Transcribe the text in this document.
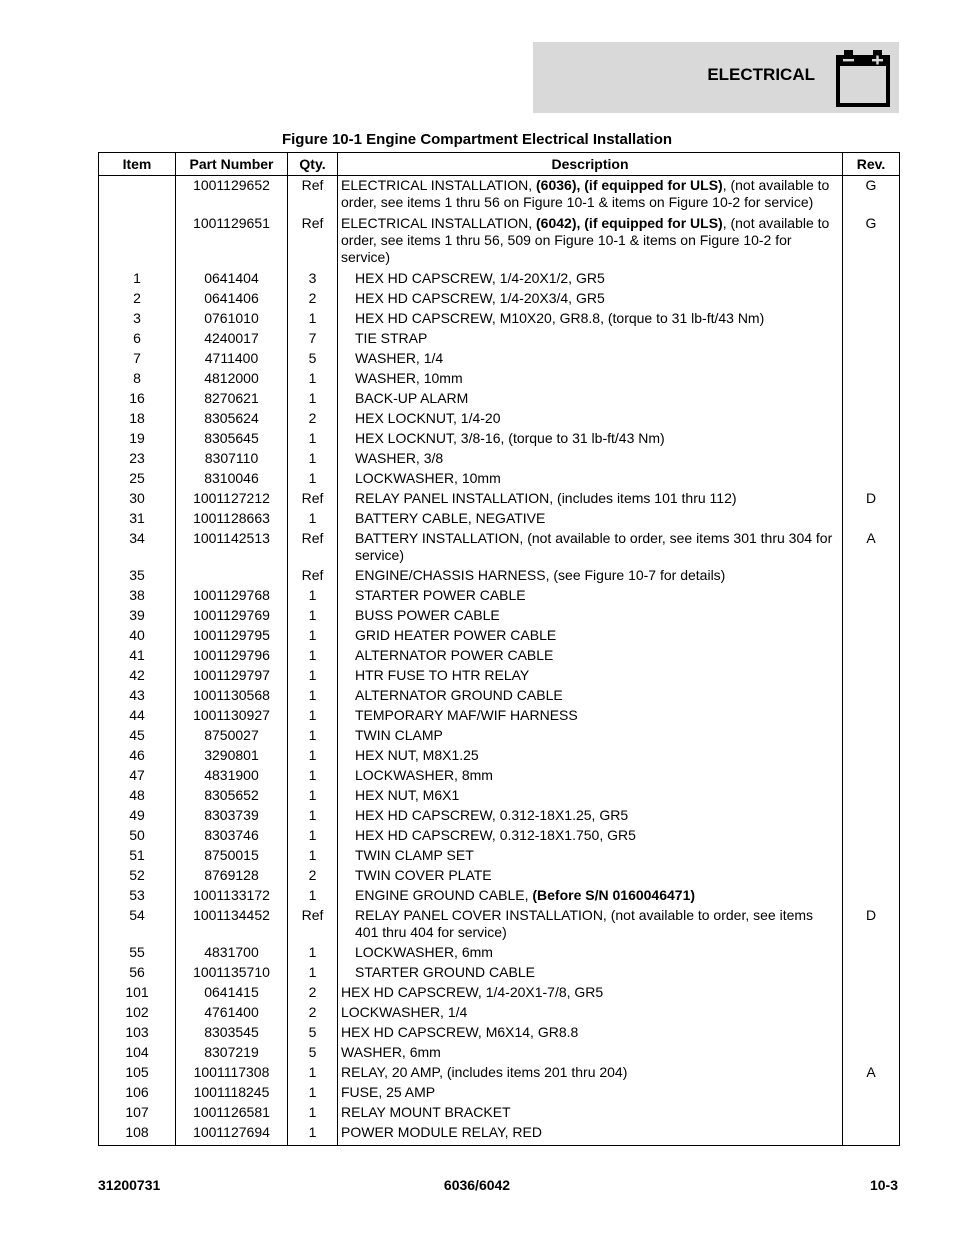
ELECTRICAL
Figure 10-1 Engine Compartment Electrical Installation
Item	Part Number	Qty.	Description	Rev.
	1001129652	Ref	ELECTRICAL INSTALLATION, (6036), (if equipped for ULS), (not available to order, see items 1 thru 56 on Figure 10-1 & items on Figure 10-2 for service)	G
	1001129651	Ref	ELECTRICAL INSTALLATION, (6042), (if equipped for ULS), (not available to order, see items 1 thru 56, 509 on Figure 10-1 & items on Figure 10-2 for service)	G
1	0641404	3	HEX HD CAPSCREW, 1/4-20X1/2, GR5	
2	0641406	2	HEX HD CAPSCREW, 1/4-20X3/4, GR5	
3	0761010	1	HEX HD CAPSCREW, M10X20, GR8.8, (torque to 31 lb-ft/43 Nm)	
6	4240017	7	TIE STRAP	
7	4711400	5	WASHER, 1/4	
8	4812000	1	WASHER, 10mm	
16	8270621	1	BACK-UP ALARM	
18	8305624	2	HEX LOCKNUT, 1/4-20	
19	8305645	1	HEX LOCKNUT, 3/8-16, (torque to 31 lb-ft/43 Nm)	
23	8307110	1	WASHER, 3/8	
25	8310046	1	LOCKWASHER, 10mm	
30	1001127212	Ref	RELAY PANEL INSTALLATION, (includes items 101 thru 112)	D
31	1001128663	1	BATTERY CABLE, NEGATIVE	
34	1001142513	Ref	BATTERY INSTALLATION, (not available to order, see items 301 thru 304 for service)	A
35		Ref	ENGINE/CHASSIS HARNESS, (see Figure 10-7 for details)	
38	1001129768	1	STARTER POWER CABLE	
39	1001129769	1	BUSS POWER CABLE	
40	1001129795	1	GRID HEATER POWER CABLE	
41	1001129796	1	ALTERNATOR POWER CABLE	
42	1001129797	1	HTR FUSE TO HTR RELAY	
43	1001130568	1	ALTERNATOR GROUND CABLE	
44	1001130927	1	TEMPORARY MAF/WIF HARNESS	
45	8750027	1	TWIN CLAMP	
46	3290801	1	HEX NUT, M8X1.25	
47	4831900	1	LOCKWASHER, 8mm	
48	8305652	1	HEX NUT, M6X1	
49	8303739	1	HEX HD CAPSCREW, 0.312-18X1.25, GR5	
50	8303746	1	HEX HD CAPSCREW, 0.312-18X1.750, GR5	
51	8750015	1	TWIN CLAMP SET	
52	8769128	2	TWIN COVER PLATE	
53	1001133172	1	ENGINE GROUND CABLE, (Before S/N 0160046471)	
54	1001134452	Ref	RELAY PANEL COVER INSTALLATION, (not available to order, see items 401 thru 404 for service)	D
55	4831700	1	LOCKWASHER, 6mm	
56	1001135710	1	STARTER GROUND CABLE	
101	0641415	2	HEX HD CAPSCREW, 1/4-20X1-7/8, GR5	
102	4761400	2	LOCKWASHER, 1/4	
103	8303545	5	HEX HD CAPSCREW, M6X14, GR8.8	
104	8307219	5	WASHER, 6mm	
105	1001117308	1	RELAY, 20 AMP, (includes items 201 thru 204)	A
106	1001118245	1	FUSE, 25 AMP	
107	1001126581	1	RELAY MOUNT BRACKET	
108	1001127694	1	POWER MODULE RELAY, RED	
31200731	6036/6042	10-3
